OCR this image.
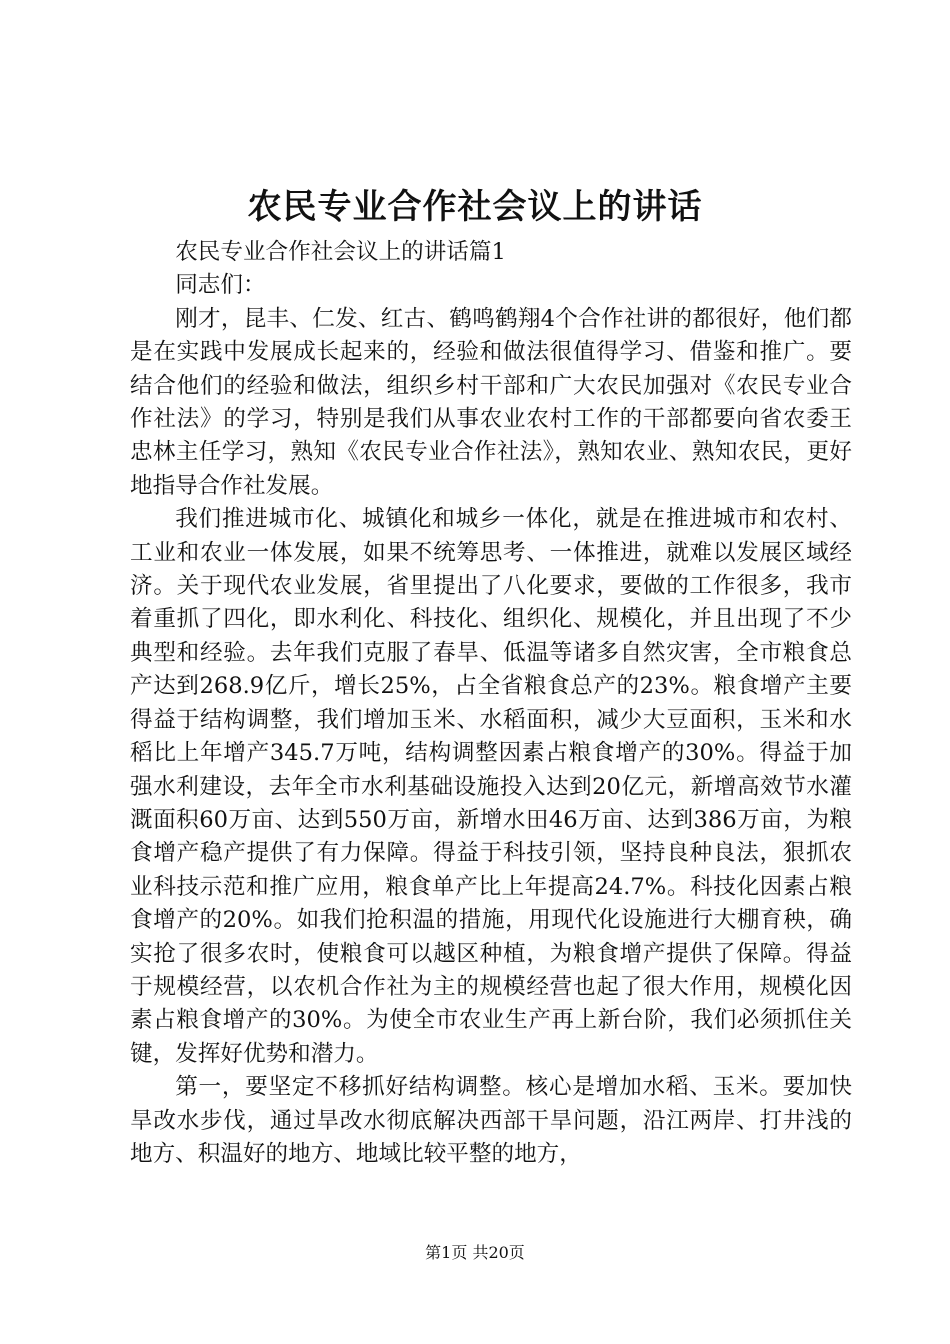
农民专业合作社会议上的讲话

农民专业合作社会议上的讲话篇1

同志们：

刚才，昆丰、仁发、红古、鹤鸣鹤翔4个合作社讲的都很好，他们都是在实践中发展成长起来的，经验和做法很值得学习、借鉴和推广。要结合他们的经验和做法，组织乡村干部和广大农民加强对《农民专业合作社法》的学习，特别是我们从事农业农村工作的干部都要向省农委王忠林主任学习，熟知《农民专业合作社法》，熟知农业、熟知农民，更好地指导合作社发展。

我们推进城市化、城镇化和城乡一体化，就是在推进城市和农村、工业和农业一体发展，如果不统筹思考、一体推进，就难以发展区域经济。关于现代农业发展，省里提出了八化要求，要做的工作很多，我市着重抓了四化，即水利化、科技化、组织化、规模化，并且出现了不少典型和经验。去年我们克服了春旱、低温等诸多自然灾害，全市粮食总产达到268.9亿斤，增长25%，占全省粮食总产的23%。粮食增产主要得益于结构调整，我们增加玉米、水稻面积，减少大豆面积，玉米和水稻比上年增产345.7万吨，结构调整因素占粮食增产的30%。得益于加强水利建设，去年全市水利基础设施投入达到20亿元，新增高效节水灌溉面积60万亩、达到550万亩，新增水田46万亩、达到386万亩，为粮食增产稳产提供了有力保障。得益于科技引领，坚持良种良法，狠抓农业科技示范和推广应用，粮食单产比上年提高24.7%。科技化因素占粮食增产的20%。如我们抢积温的措施，用现代化设施进行大棚育秧，确实抢了很多农时，使粮食可以越区种植，为粮食增产提供了保障。得益于规模经营，以农机合作社为主的规模经营也起了很大作用，规模化因素占粮食增产的30%。为使全市农业生产再上新台阶，我们必须抓住关键，发挥好优势和潜力。

第一，要坚定不移抓好结构调整。核心是增加水稻、玉米。要加快旱改水步伐，通过旱改水彻底解决西部干旱问题，沿江两岸、打井浅的地方、积温好的地方、地域比较平整的地方，

第1页 共20页
